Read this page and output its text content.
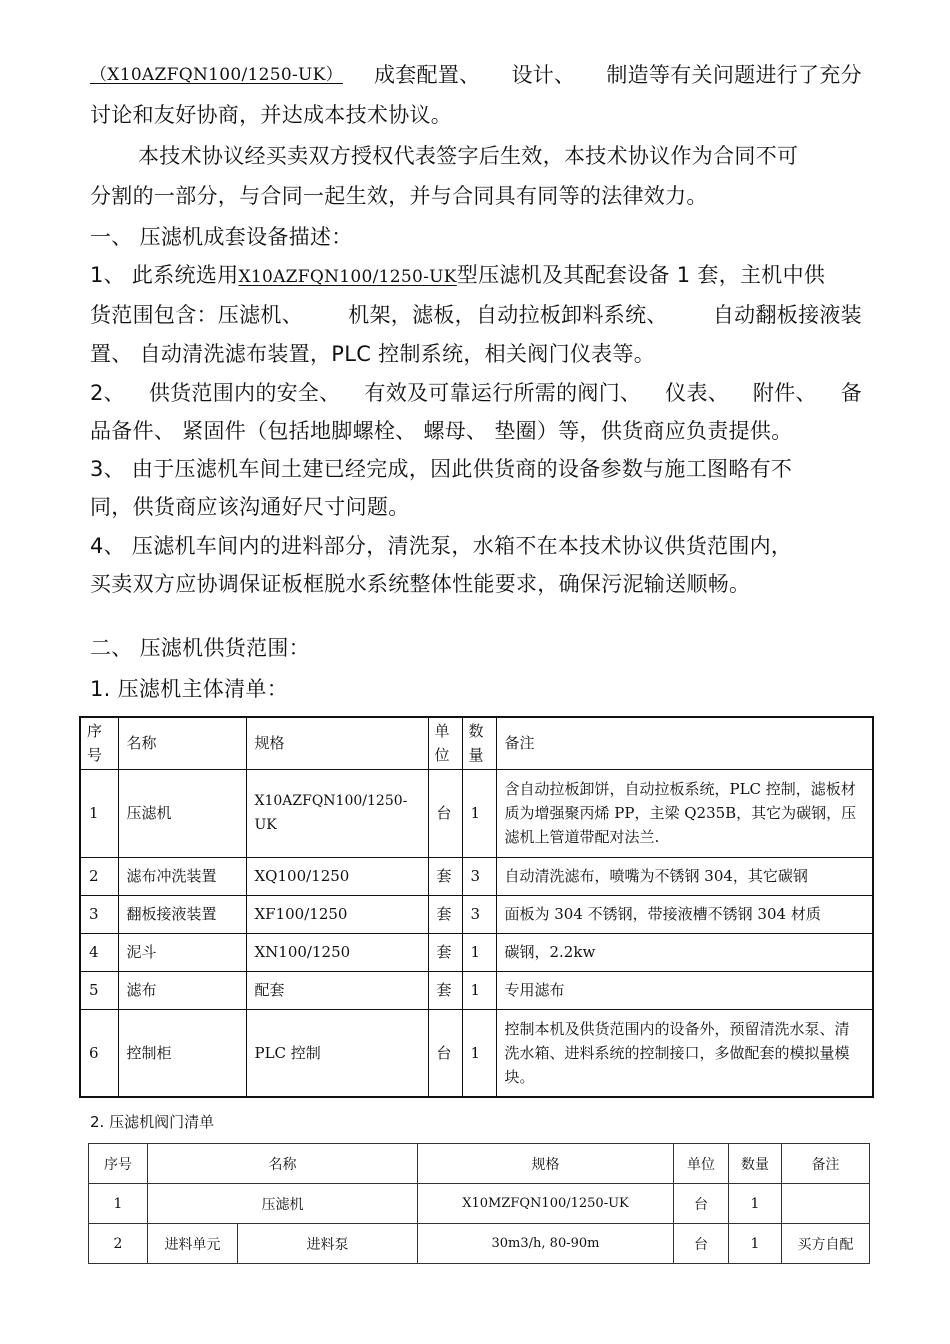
（X10AZFQN100/1250-UK） 成套配置、 设计、 制造等有关问题进行了充分
讨论和友好协商，并达成本技术协议。
本技术协议经买卖双方授权代表签字后生效，本技术协议作为合同不可
分割的一部分，与合同一起生效，并与合同具有同等的法律效力。
一、 压滤机成套设备描述：
1、 此系统选用X10AZFQN100/1250-UK型压滤机及其配套设备 1 套，主机中供
货范围包含：压滤机、 机架，滤板，自动拉板卸料系统、 自动翻板接液装
置、 自动清洗滤布装置，PLC 控制系统，相关阀门仪表等。
2、 供货范围内的安全、 有效及可靠运行所需的阀门、 仪表、 附件、 备
品备件、 紧固件（包括地脚螺栓、 螺母、 垫圈）等，供货商应负责提供。
3、 由于压滤机车间土建已经完成，因此供货商的设备参数与施工图略有不
同，供货商应该沟通好尺寸问题。
4、 压滤机车间内的进料部分，清洗泵，水箱不在本技术协议供货范围内，
买卖双方应协调保证板框脱水系统整体性能要求，确保污泥输送顺畅。
二、 压滤机供货范围：
1. 压滤机主体清单：
序号	名称	规格	单位	数量	备注
1	压滤机	X10AZFQN100/1250-UK	台	1	含自动拉板卸饼，自动拉板系统，PLC 控制，滤板材质为增强聚丙烯 PP，主梁 Q235B，其它为碳钢，压滤机上管道带配对法兰.
2	滤布冲洗装置	XQ100/1250	套	3	自动清洗滤布，喷嘴为不锈钢 304，其它碳钢
3	翻板接液装置	XF100/1250	套	3	面板为 304 不锈钢，带接液槽不锈钢 304 材质
4	泥斗	XN100/1250	套	1	碳钢，2.2kw
5	滤布	配套	套	1	专用滤布
6	控制柜	PLC 控制	台	1	控制本机及供货范围内的设备外，预留清洗水泵、清洗水箱、进料系统的控制接口，多做配套的模拟量模块。
2. 压滤机阀门清单
序号	名称		规格	单位	数量	备注
1	压滤机		X10MZFQN100/1250-UK	台	1	
2	进料单元	进料泵	30m3/h, 80-90m	台	1	买方自配
